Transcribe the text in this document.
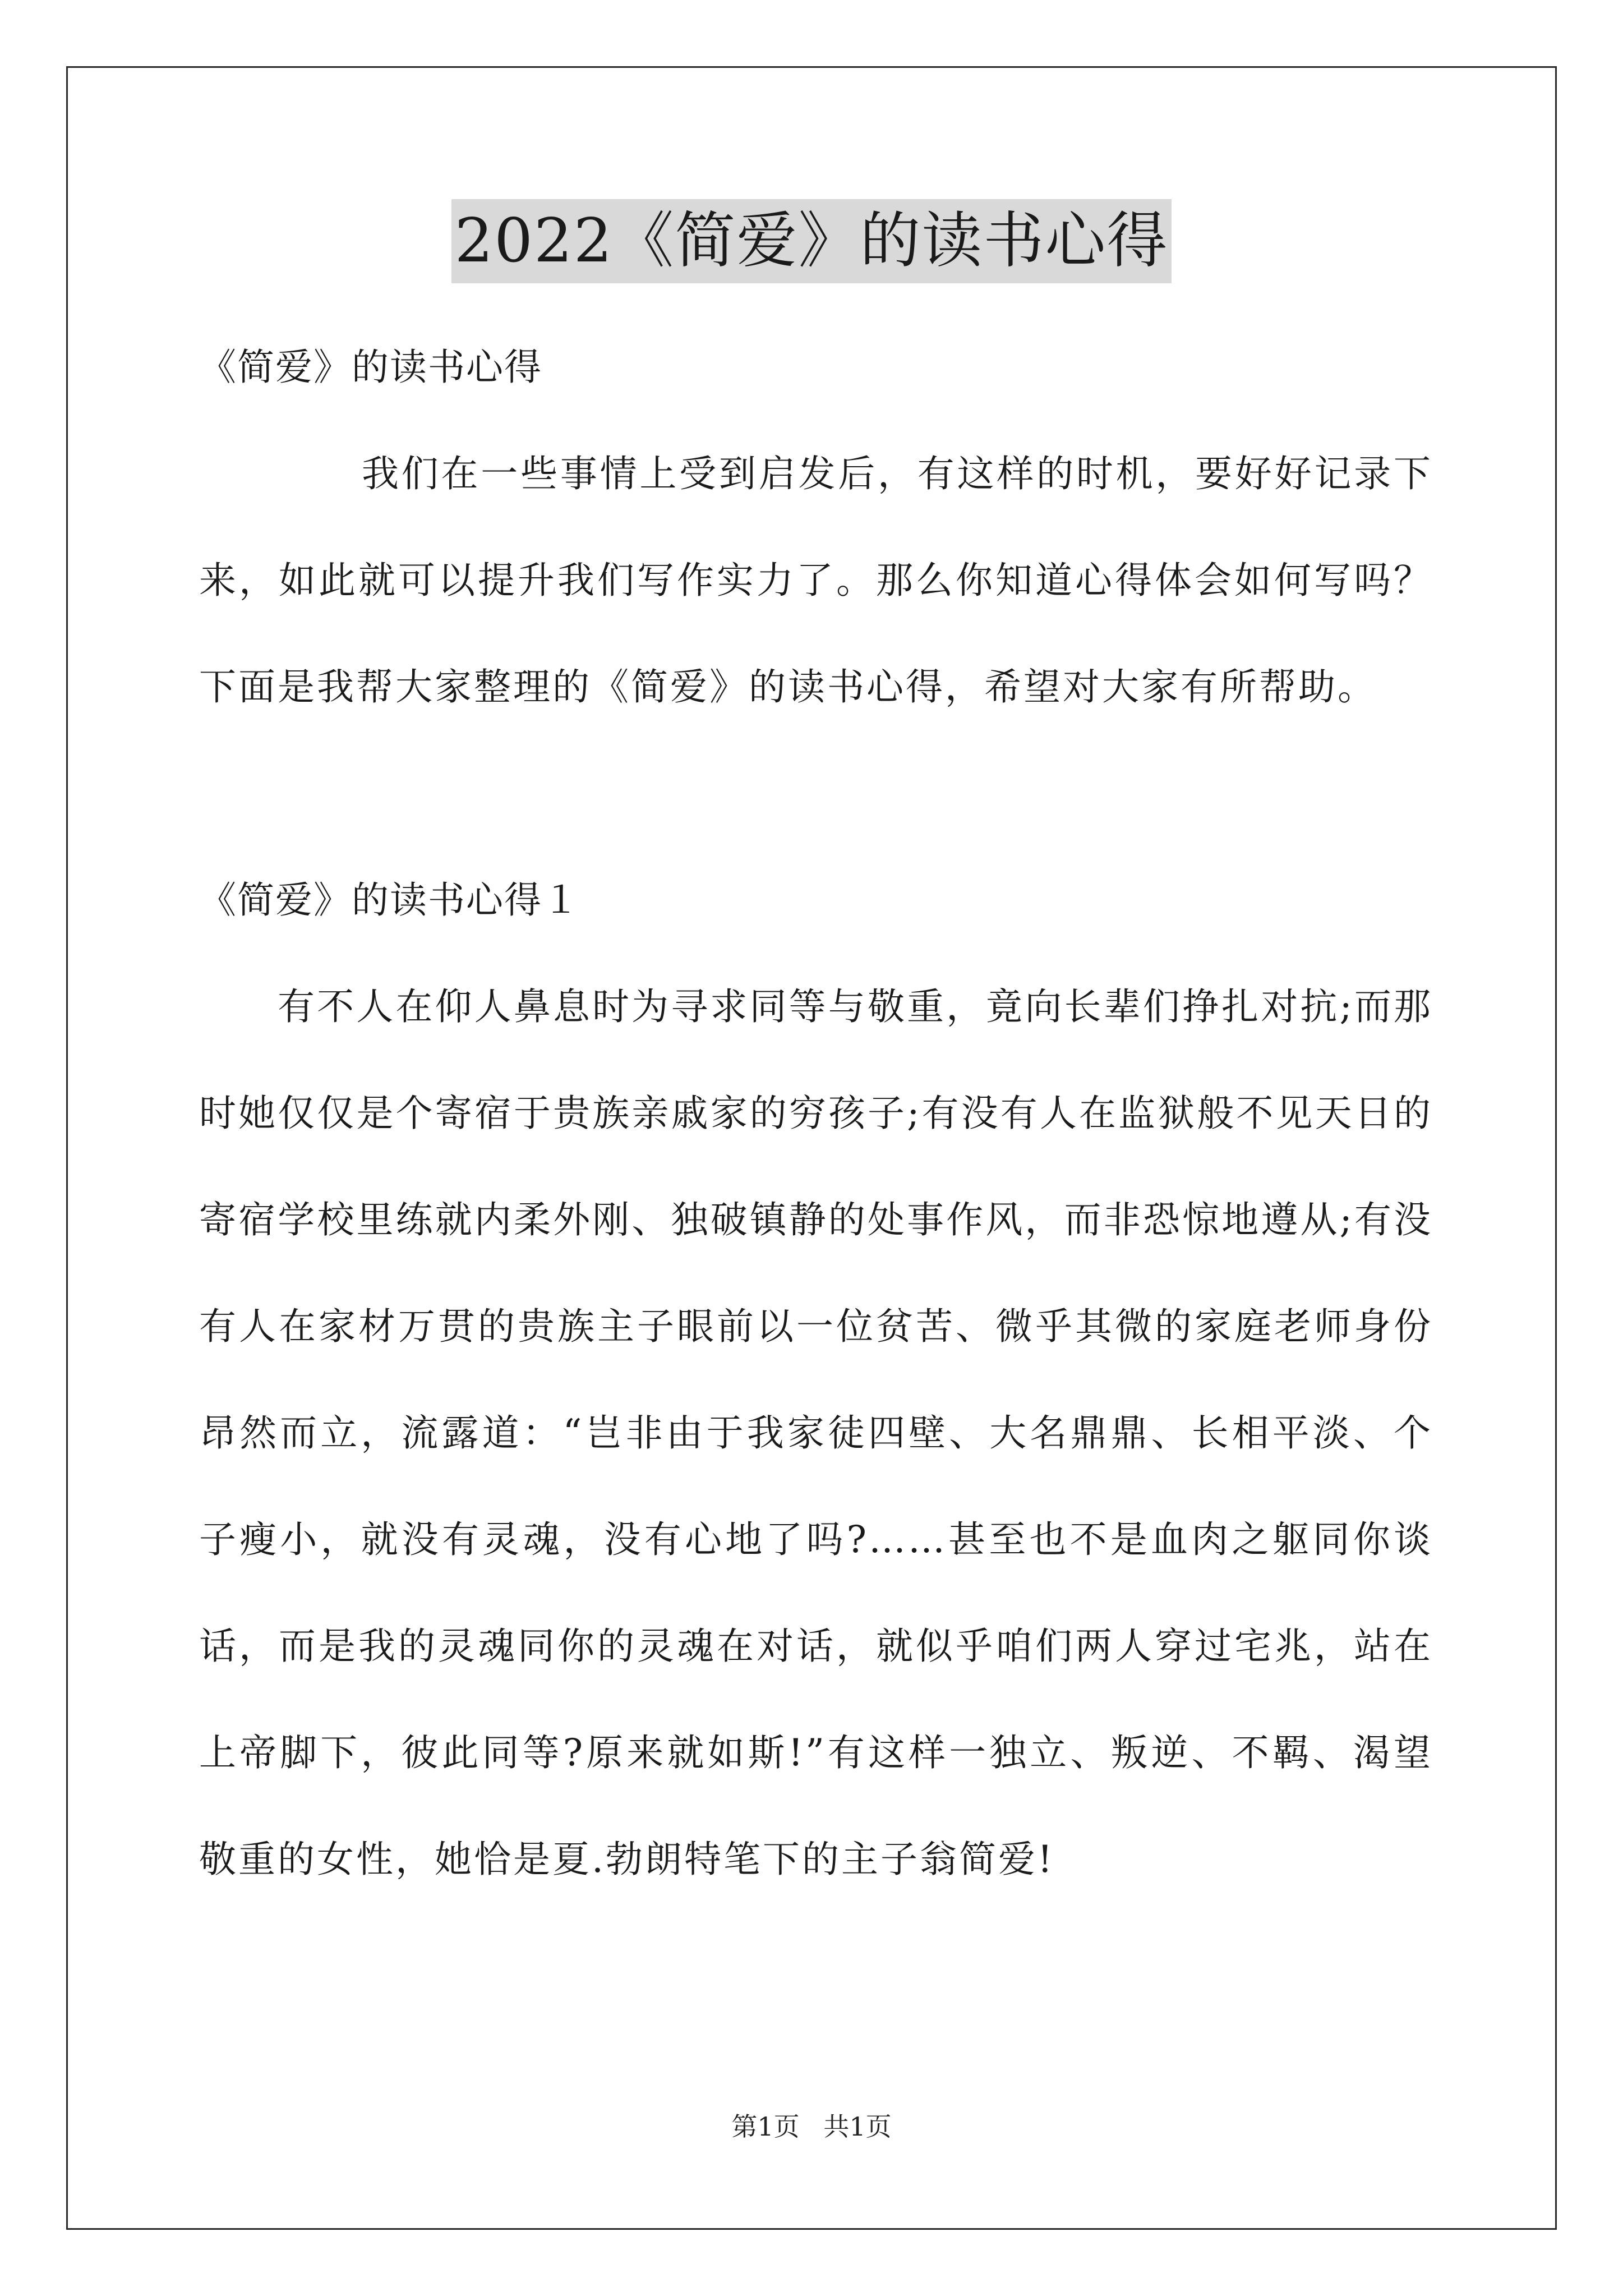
2022《简爱》的读书心得

《简爱》的读书心得

我们在一些事情上受到启发后，有这样的时机，要好好记录下来，如此就可以提升我们写作实力了。那么你知道心得体会如何写吗？下面是我帮大家整理的《简爱》的读书心得，希望对大家有所帮助。

《简爱》的读书心得１

有不人在仰人鼻息时为寻求同等与敬重，竟向长辈们挣扎对抗;而那时她仅仅是个寄宿于贵族亲戚家的穷孩子;有没有人在监狱般不见天日的寄宿学校里练就内柔外刚、独破镇静的处事作风，而非恐惊地遵从;有没有人在家材万贯的贵族主子眼前以一位贫苦、微乎其微的家庭老师身份昂然而立，流露道：“岂非由于我家徒四壁、大名鼎鼎、长相平淡、个子瘦小，就没有灵魂，没有心地了吗?……甚至也不是血肉之躯同你谈话，而是我的灵魂同你的灵魂在对话，就似乎咱们两人穿过宅兆，站在上帝脚下，彼此同等?原来就如斯!”有这样一独立、叛逆、不羁、渴望敬重的女性，她恰是夏.勃朗特笔下的主子翁简爱!

第1页 共1页
